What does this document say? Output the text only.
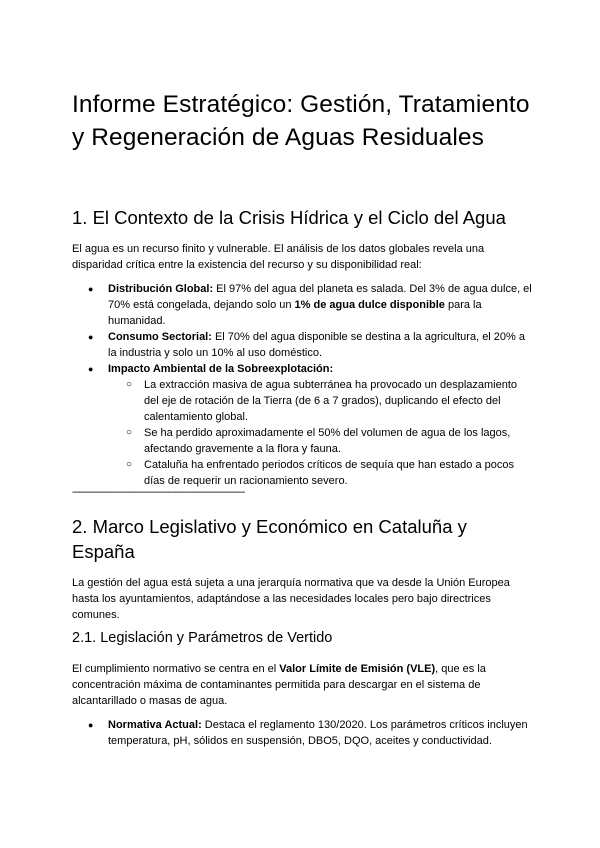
Informe Estratégico: Gestión, Tratamiento y Regeneración de Aguas Residuales
1. El Contexto de la Crisis Hídrica y el Ciclo del Agua

El agua es un recurso finito y vulnerable. El análisis de los datos globales revela una disparidad crítica entre la existencia del recurso y su disponibilidad real:

● Distribución Global: El 97% del agua del planeta es salada. Del 3% de agua dulce, el 70% está congelada, dejando solo un 1% de agua dulce disponible para la humanidad.
● Consumo Sectorial: El 70% del agua disponible se destina a la agricultura, el 20% a la industria y solo un 10% al uso doméstico.
● Impacto Ambiental de la Sobreexplotación:
○ La extracción masiva de agua subterránea ha provocado un desplazamiento del eje de rotación de la Tierra (de 6 a 7 grados), duplicando el efecto del calentamiento global.
○ Se ha perdido aproximadamente el 50% del volumen de agua de los lagos, afectando gravemente a la flora y fauna.
○ Cataluña ha enfrentado periodos críticos de sequía que han estado a pocos días de requerir un racionamiento severo.
--------------------------------------------------------------------------
2. Marco Legislativo y Económico en Cataluña y España

La gestión del agua está sujeta a una jerarquía normativa que va desde la Unión Europea hasta los ayuntamientos, adaptándose a las necesidades locales pero bajo directrices comunes.

2.1. Legislación y Parámetros de Vertido

El cumplimiento normativo se centra en el Valor Límite de Emisión (VLE), que es la concentración máxima de contaminantes permitida para descargar en el sistema de alcantarillado o masas de agua.

● Normativa Actual: Destaca el reglamento 130/2020. Los parámetros críticos incluyen temperatura, pH, sólidos en suspensión, DBO5, DQO, aceites y conductividad.
